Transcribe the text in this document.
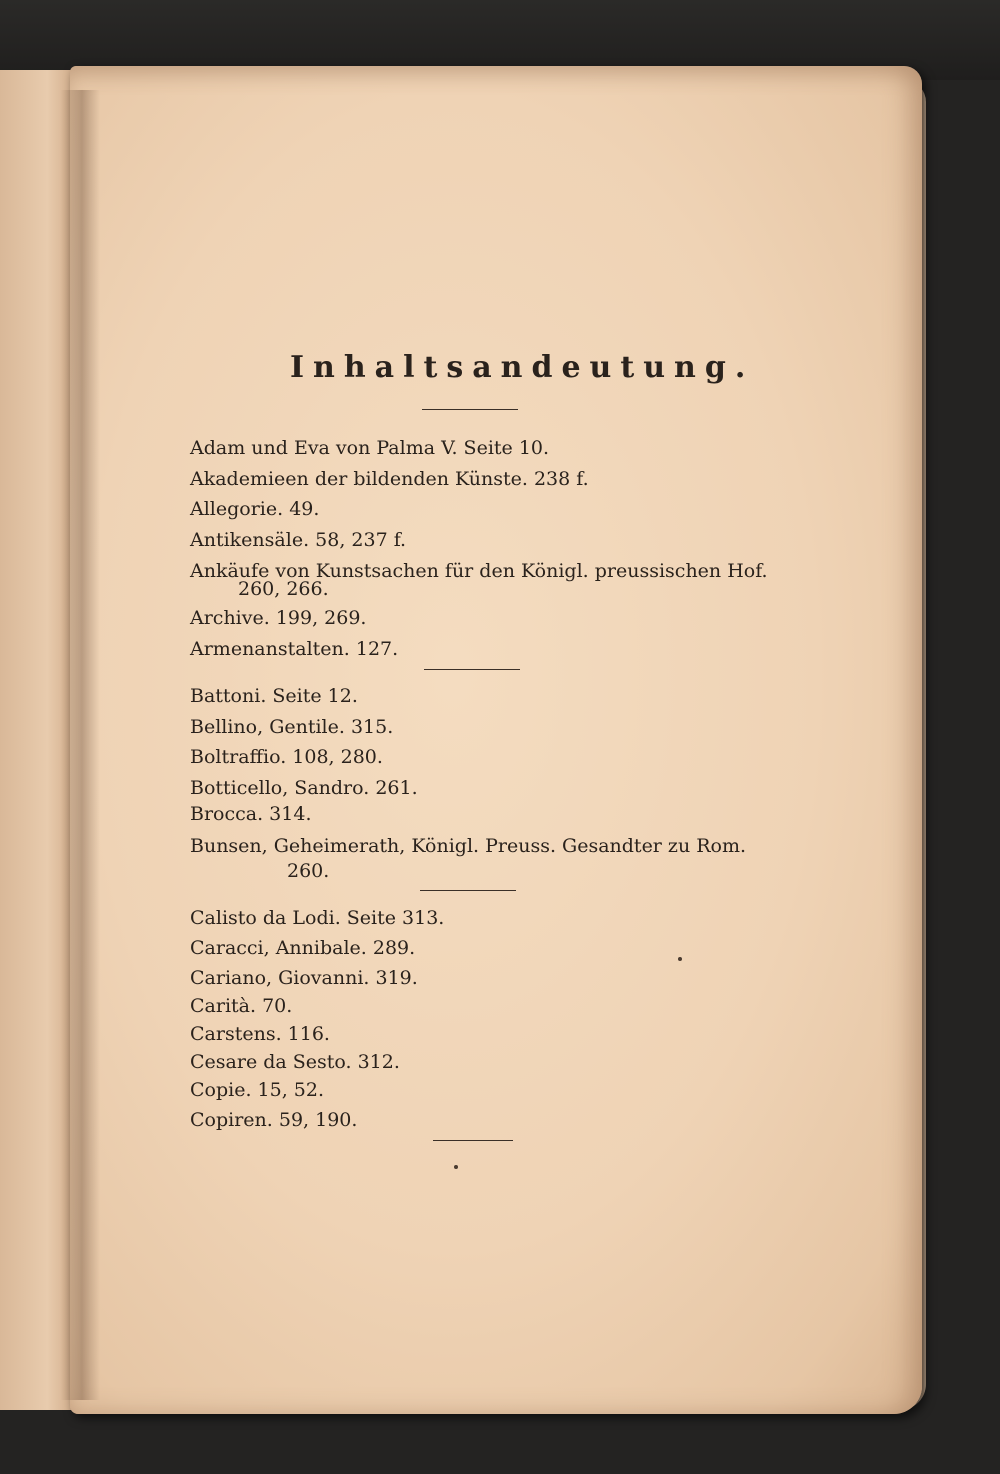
Inhaltsandeutung.
Adam und Eva von Palma V. Seite 10.
Akademieen der bildenden Künste. 238 f.
Allegorie. 49.
Antikensäle. 58, 237 f.
Ankäufe von Kunstsachen für den Königl. preussischen Hof.
260, 266.
Archive. 199, 269.
Armenanstalten. 127.
Battoni. Seite 12.
Bellino, Gentile. 315.
Boltraffio. 108, 280.
Botticello, Sandro. 261.
Brocca. 314.
Bunsen, Geheimerath, Königl. Preuss. Gesandter zu Rom.
260.
Calisto da Lodi. Seite 313.
Caracci, Annibale. 289.
Cariano, Giovanni. 319.
Carità. 70.
Carstens. 116.
Cesare da Sesto. 312.
Copie. 15, 52.
Copiren. 59, 190.
